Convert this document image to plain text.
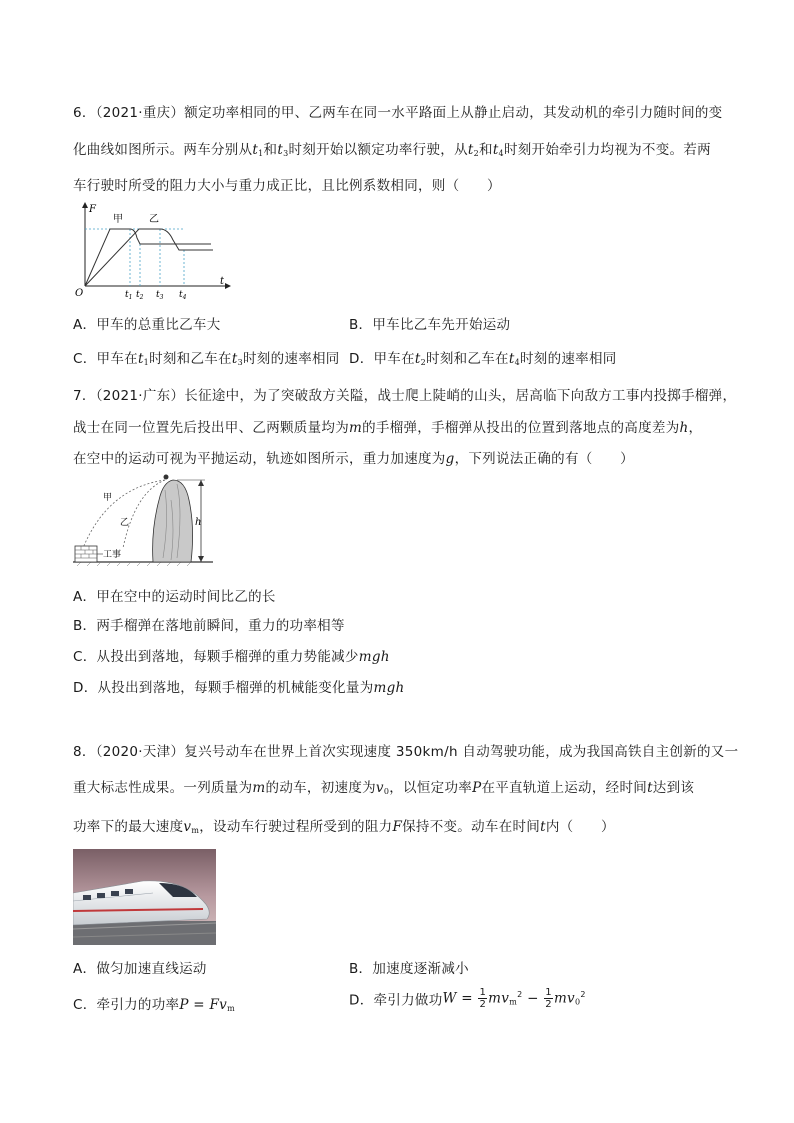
6．（2021·重庆）额定功率相同的甲、乙两车在同一水平路面上从静止启动，其发动机的牵引力随时间的变
化曲线如图所示。两车分别从$t_1$和$t_3$时刻开始以额定功率行驶，从$t_2$和$t_4$时刻开始牵引力均视为不变。若两
车行驶时所受的阻力大小与重力成正比，且比例系数相同，则（　　）
F
t
O
甲	乙
$t_1$ $t_2$ $t_3$ $t_4$
A．甲车的总重比乙车大	B．甲车比乙车先开始运动
C．甲车在$t_1$时刻和乙车在$t_3$时刻的速率相同 D．甲车在$t_2$时刻和乙车在$t_4$时刻的速率相同
7．（2021·广东）长征途中，为了突破敌方关隘，战士爬上陡峭的山头，居高临下向敌方工事内投掷手榴弹，
战士在同一位置先后投出甲、乙两颗质量均为m的手榴弹，手榴弹从投出的位置到落地点的高度差为h，
在空中的运动可视为平抛运动，轨迹如图所示，重力加速度为g，下列说法正确的有（　　）
工事
甲
乙	h
A．甲在空中的运动时间比乙的长
B．两手榴弹在落地前瞬间，重力的功率相等
C．从投出到落地，每颗手榴弹的重力势能减少mgh
D．从投出到落地，每颗手榴弹的机械能变化量为mgh
8．（2020·天津）复兴号动车在世界上首次实现速度 350km/h 自动驾驶功能，成为我国高铁自主创新的又一
重大标志性成果。一列质量为m的动车，初速度为$v_0$，以恒定功率P在平直轨道上运动，经时间t达到该
功率下的最大速度$v_m$，设动车行驶过程所受到的阻力F保持不变。动车在时间t内（　　）
A．做匀加速直线运动	B．加速度逐渐减小
C．牵引力的功率$P = Fv_m$	D．牵引力做功$W = \frac{1}{2} mv_m^2 - \frac{1}{2} mv_0^2$
